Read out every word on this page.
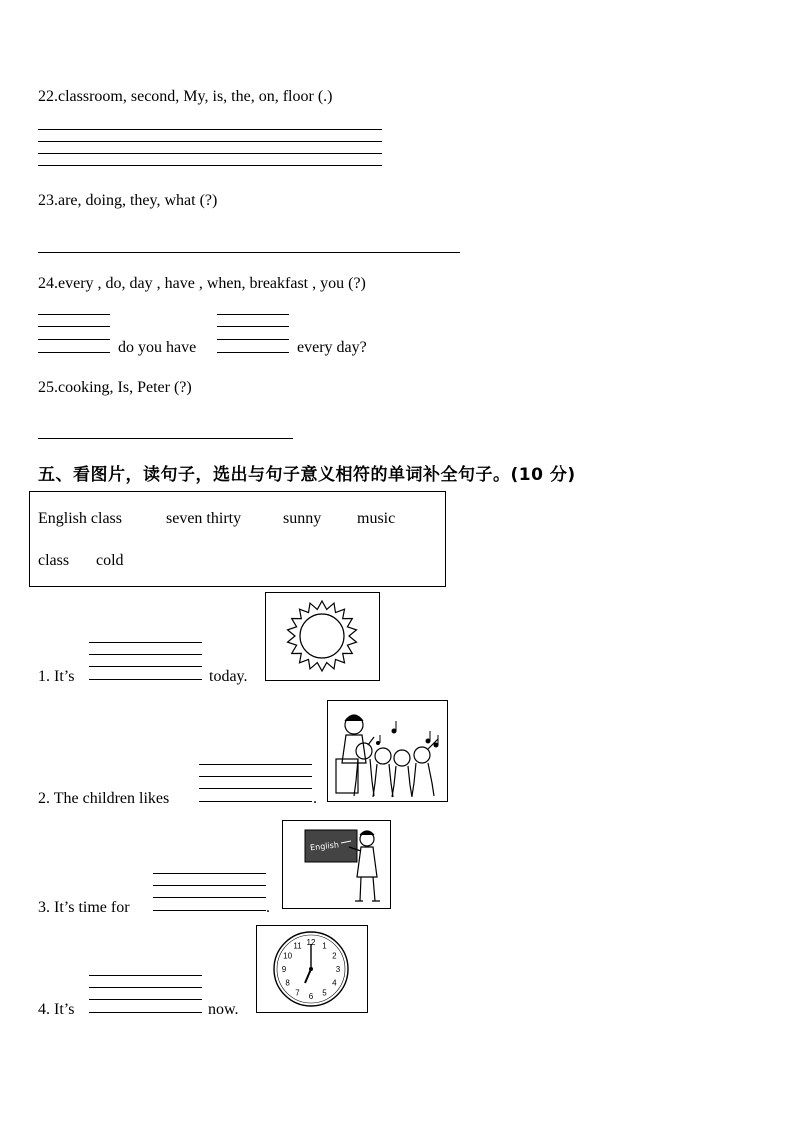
22.classroom, second, My, is, the, on, floor (.)
23.are, doing, they, what (?)
24.every , do, day , have , when, breakfast , you (?)
do you have	every day?
25.cooking, Is, Peter (?)
五、看图片，读句子，选出与句子意义相符的单词补全句子。(10 分)
English class	seven thirty	sunny music
class cold
1. It’s	today.
2. The children likes	.
3. It’s time for	.
English
4. It’s	now.
12 1
2
3
4
5
6
7
8
9
10
11
